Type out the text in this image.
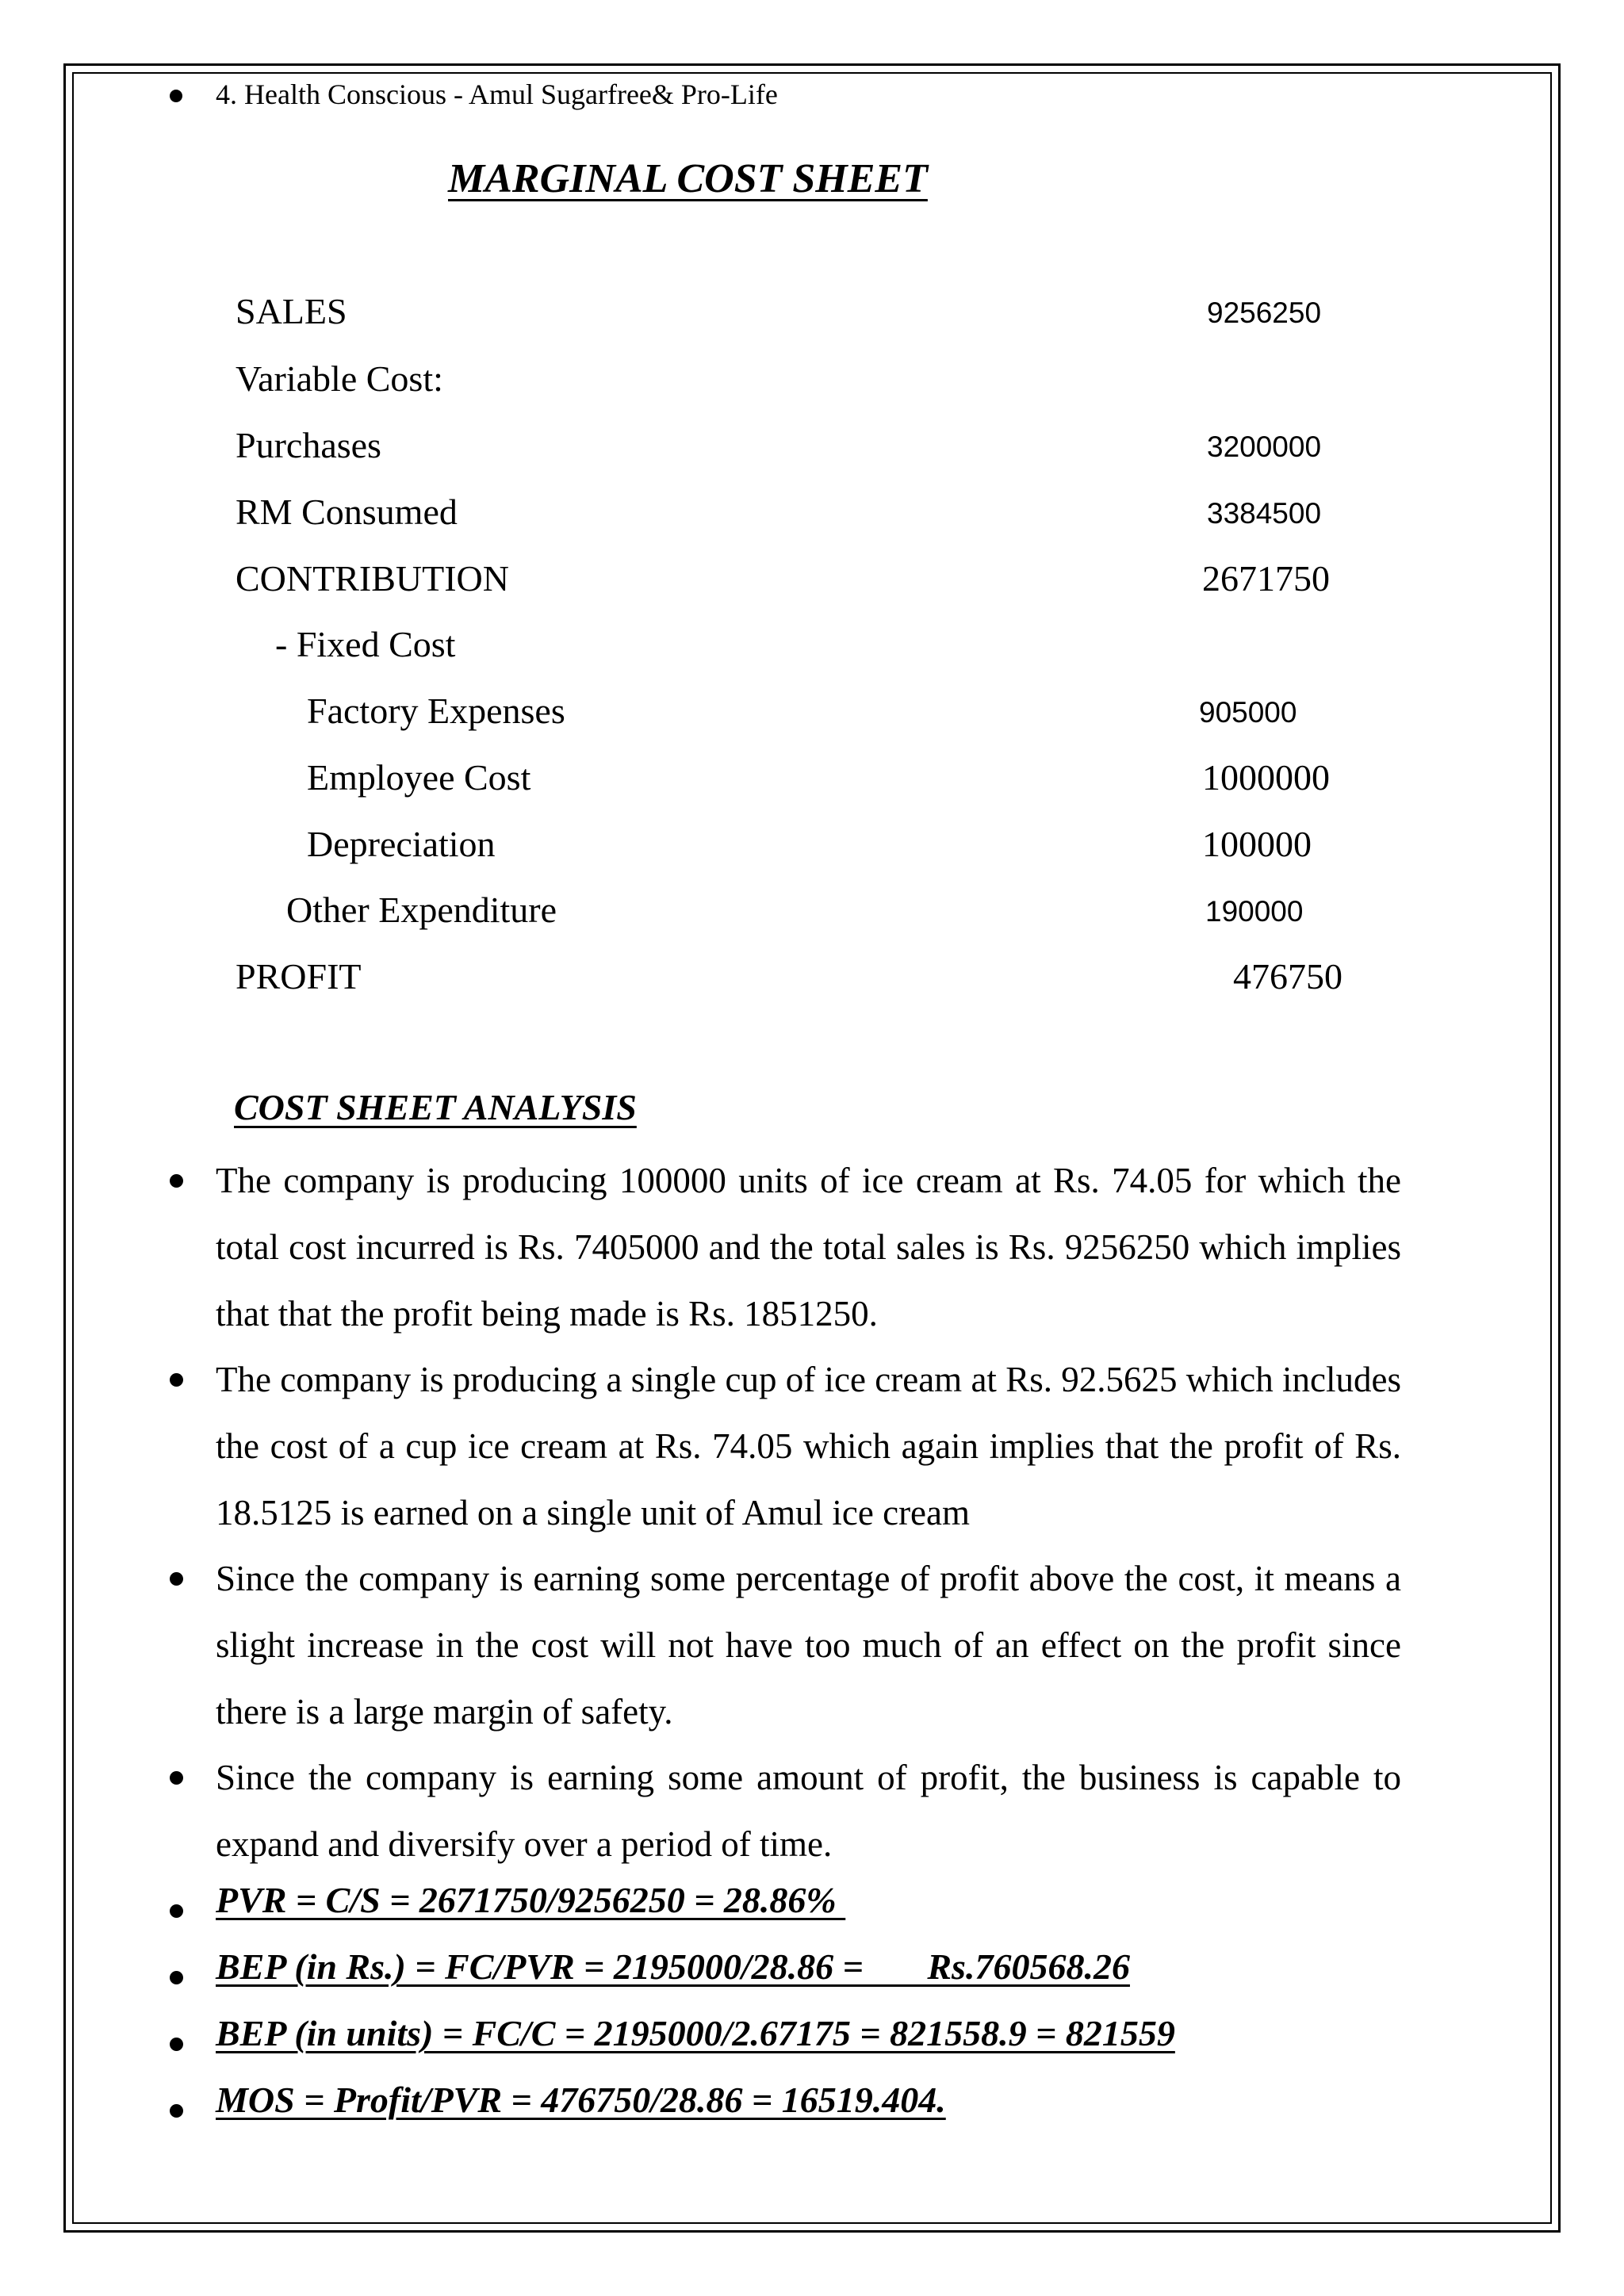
4. Health Conscious - Amul Sugarfree& Pro-Life
MARGINAL COST SHEET
SALES	9256250
Variable Cost:
Purchases	3200000
RM Consumed	3384500
CONTRIBUTION	2671750
- Fixed Cost
Factory Expenses	905000
Employee Cost	1000000
Depreciation	100000
Other Expenditure	190000
PROFIT	476750
COST SHEET ANALYSIS

The company is producing 100000 units of ice cream at Rs. 74.05 for which the total cost incurred is Rs. 7405000 and the total sales is Rs. 9256250 which implies that that the profit being made is Rs. 1851250.

The company is producing a single cup of ice cream at Rs. 92.5625 which includes the cost of a cup ice cream at Rs. 74.05 which again implies that the profit of Rs. 18.5125 is earned on a single unit of Amul ice cream

Since the company is earning some percentage of profit above the cost, it means a slight increase in the cost will not have too much of an effect on the profit since there is a large margin of safety.

Since the company is earning some amount of profit, the business is capable to expand and diversify over a period of time.

PVR = C/S = 2671750/9256250 = 28.86%
BEP (in Rs.) = FC/PVR = 2195000/28.86 =       Rs.760568.26
BEP (in units) = FC/C = 2195000/2.67175 = 821558.9 = 821559
MOS = Profit/PVR = 476750/28.86 = 16519.404.
